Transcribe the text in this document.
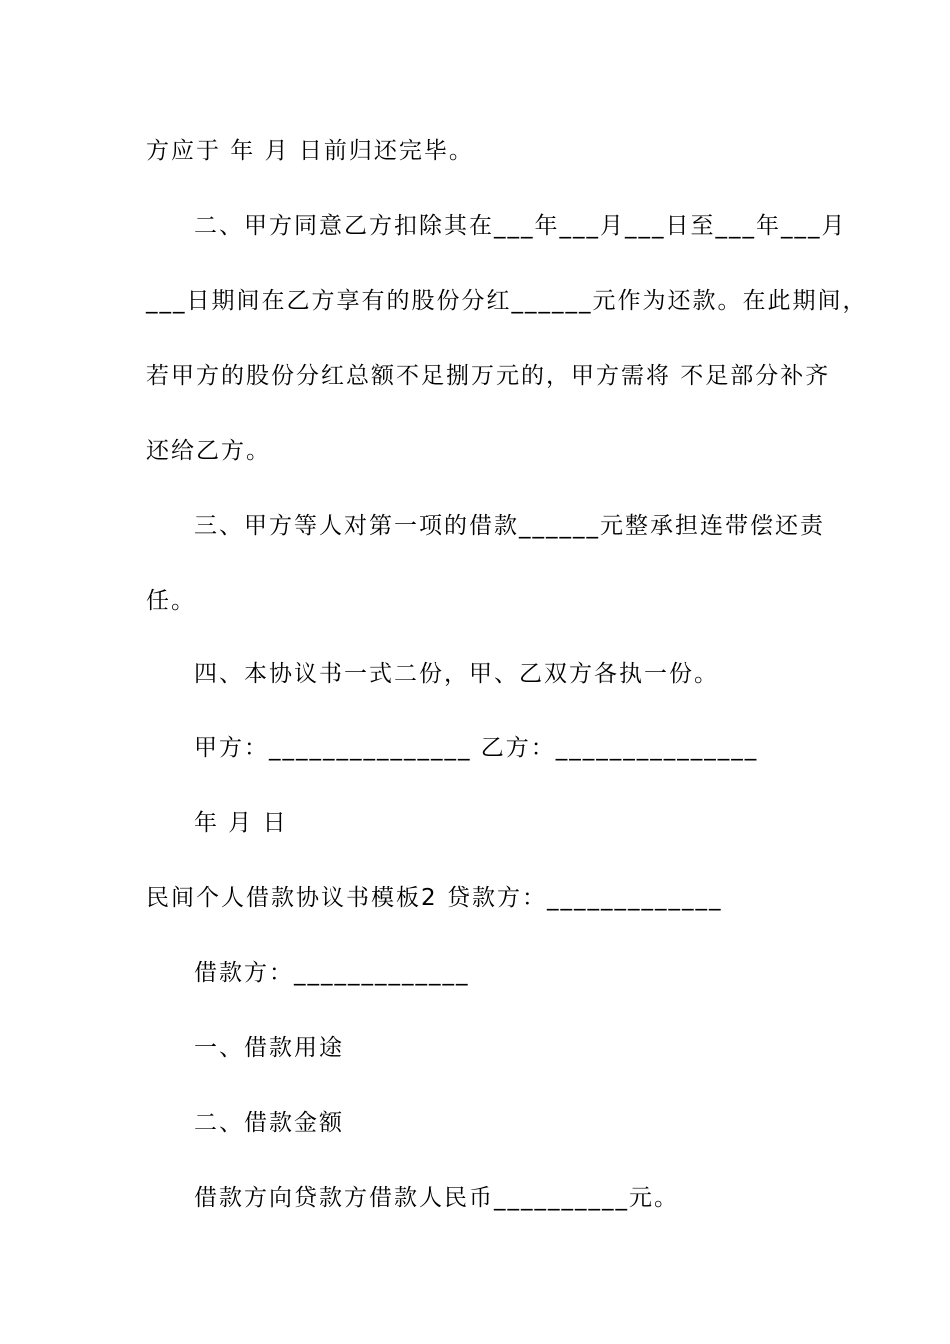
方应于 年 月 日前归还完毕。
二、甲方同意乙方扣除其在___年___月___日至___年___月
___日期间在乙方享有的股份分红______元作为还款。在此期间，
若甲方的股份分红总额不足捌万元的，甲方需将 不足部分补齐
还给乙方。
三、甲方等人对第一项的借款______元整承担连带偿还责
任。
四、本协议书一式二份，甲、乙双方各执一份。
甲方：_______________ 乙方：_______________
年 月 日
民间个人借款协议书模板2 贷款方：_____________
借款方：_____________
一、借款用途
二、借款金额
借款方向贷款方借款人民币__________元。
